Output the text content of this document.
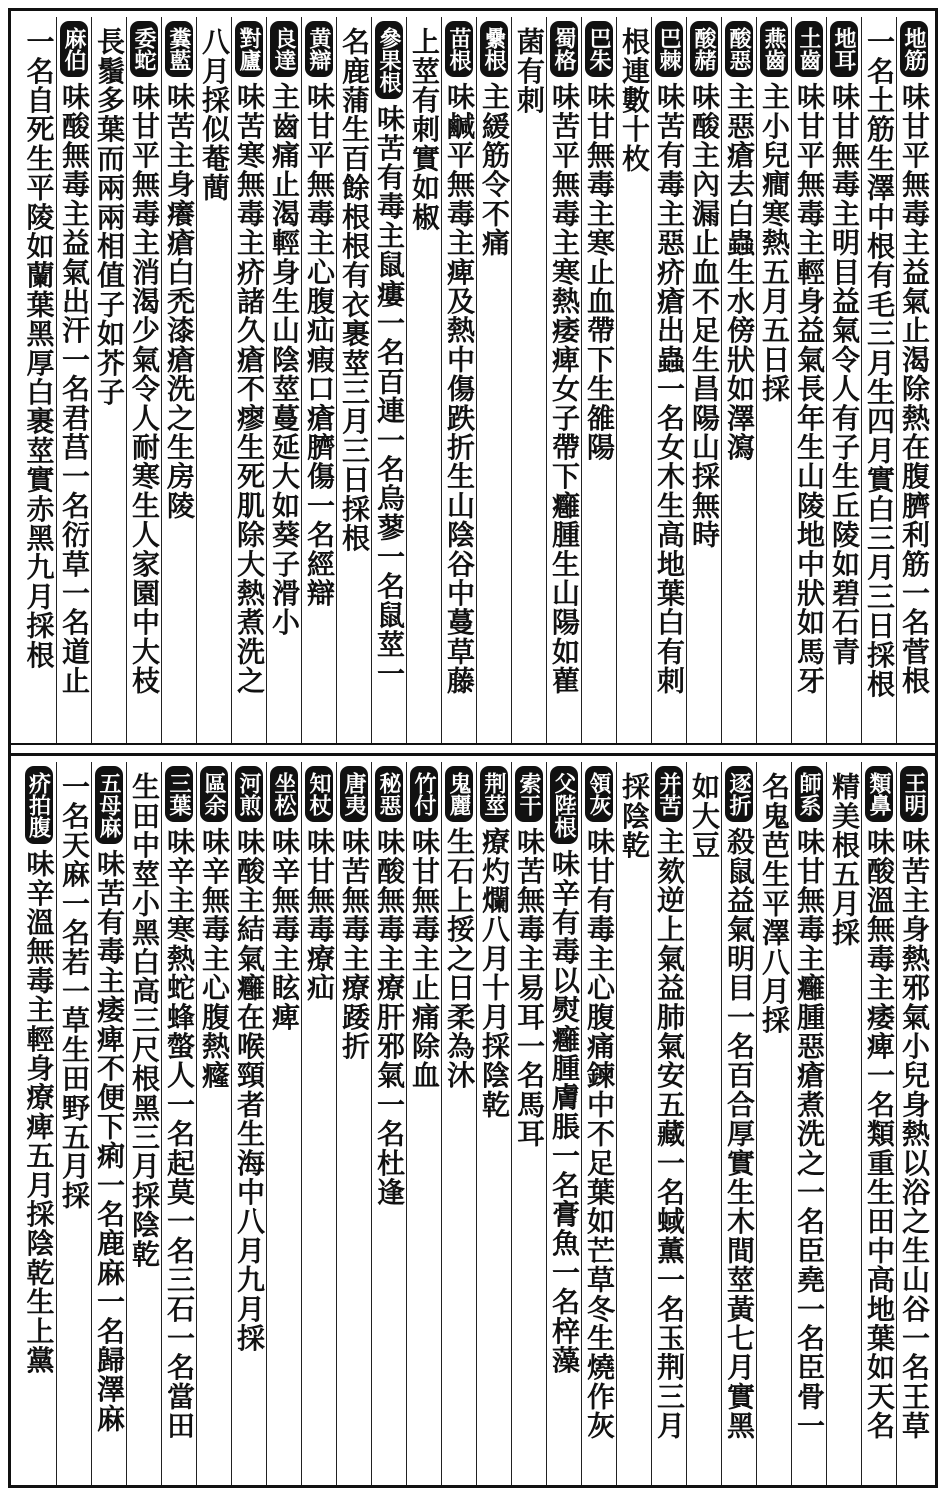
地筋
味甘平無毒主益氣止渴除熱在腹臍利筋一名菅根
一名土筋生澤中根有毛三月生四月實白三月三日採根
地耳
味甘無毒主明目益氣令人有子生丘陵如碧石青
土齒
味甘平無毒主輕身益氣長年生山陵地中狀如馬牙
燕齒
主小兒癎寒熱五月五日採
酸惡
主惡瘡去白蟲生水傍狀如澤瀉
酸赭
味酸主內漏止血不足生昌陽山採無時
巴棘
味苦有毒主惡疥瘡出蟲一名女木生高地葉白有刺
根連數十枚
巴朱
味甘無毒主寒止血帶下生雒陽
蜀格
味苦平無毒主寒熱痿痺女子帶下癰腫生山陽如雚
菌有刺
纍根
主緩筋令不痛
苗根
味鹹平無毒主痺及熱中傷跌折生山陰谷中蔓草藤
上莖有刺實如椒
參果根
味苦有毒主鼠瘻一名百連一名烏蓼一名鼠莖一
名鹿蒲生百餘根根有衣裹莖三月三日採根
黄辯
味甘平無毒主心腹疝瘕口瘡臍傷一名經辯
良達
主齒痛止渴輕身生山陰莖蔓延大如葵子滑小
對廬
味苦寒無毒主疥諸久瘡不瘳生死肌除大熱煮洗之
八月採似菴蕳
糞藍
味苦主身癢瘡白禿漆瘡洗之生房陵
委蛇
味甘平無毒主消渴少氣令人耐寒生人家園中大枝
長鬚多葉而兩兩相值子如芥子
麻伯
味酸無毒主益氣出汗一名君莒一名衍草一名道止
一名自死生平陵如蘭葉黑厚白裹莖實赤黑九月採根
王明
味苦主身熱邪氣小兒身熱以浴之生山谷一名王草
類鼻
味酸溫無毒主痿痺一名類重生田中高地葉如天名
精美根五月採
師系
味甘無毒主癰腫惡瘡煮洗之一名臣堯一名臣骨一
名鬼芭生平澤八月採
逐折
殺鼠益氣明目一名百合厚實生木間莖黃七月實黑
如大豆
并苦
主欬逆上氣益肺氣安五藏一名蜮薫一名玉荆三月
採陰乾
領灰
味甘有毒主心腹痛鍊中不足葉如芒草冬生燒作灰
父陛根
味辛有毒以熨癰腫膚脹一名膏魚一名梓藻
索干
味苦無毒主易耳一名馬耳
荆莖
療灼爛八月十月採陰乾
鬼麗
生石上挼之日柔為沐
竹付
味甘無毒主止痛除血
秘惡
味酸無毒主療肝邪氣一名杜逢
唐夷
味苦無毒主療踒折
知杖
味甘無毒療疝
坐松
味辛無毒主眩痺
河煎
味酸主結氣癰在喉頸者生海中八月九月採
區余
味辛無毒主心腹熱癃
三葉
味辛主寒熱蛇蜂螫人一名起莫一名三石一名當田
生田中莖小黑白高三尺根黑三月採陰乾
五母麻
味苦有毒主痿痺不便下痢一名鹿麻一名歸澤麻
一名天麻一名若一草生田野五月採
疥拍腹
味辛溫無毒主輕身療痺五月採陰乾生上黨
